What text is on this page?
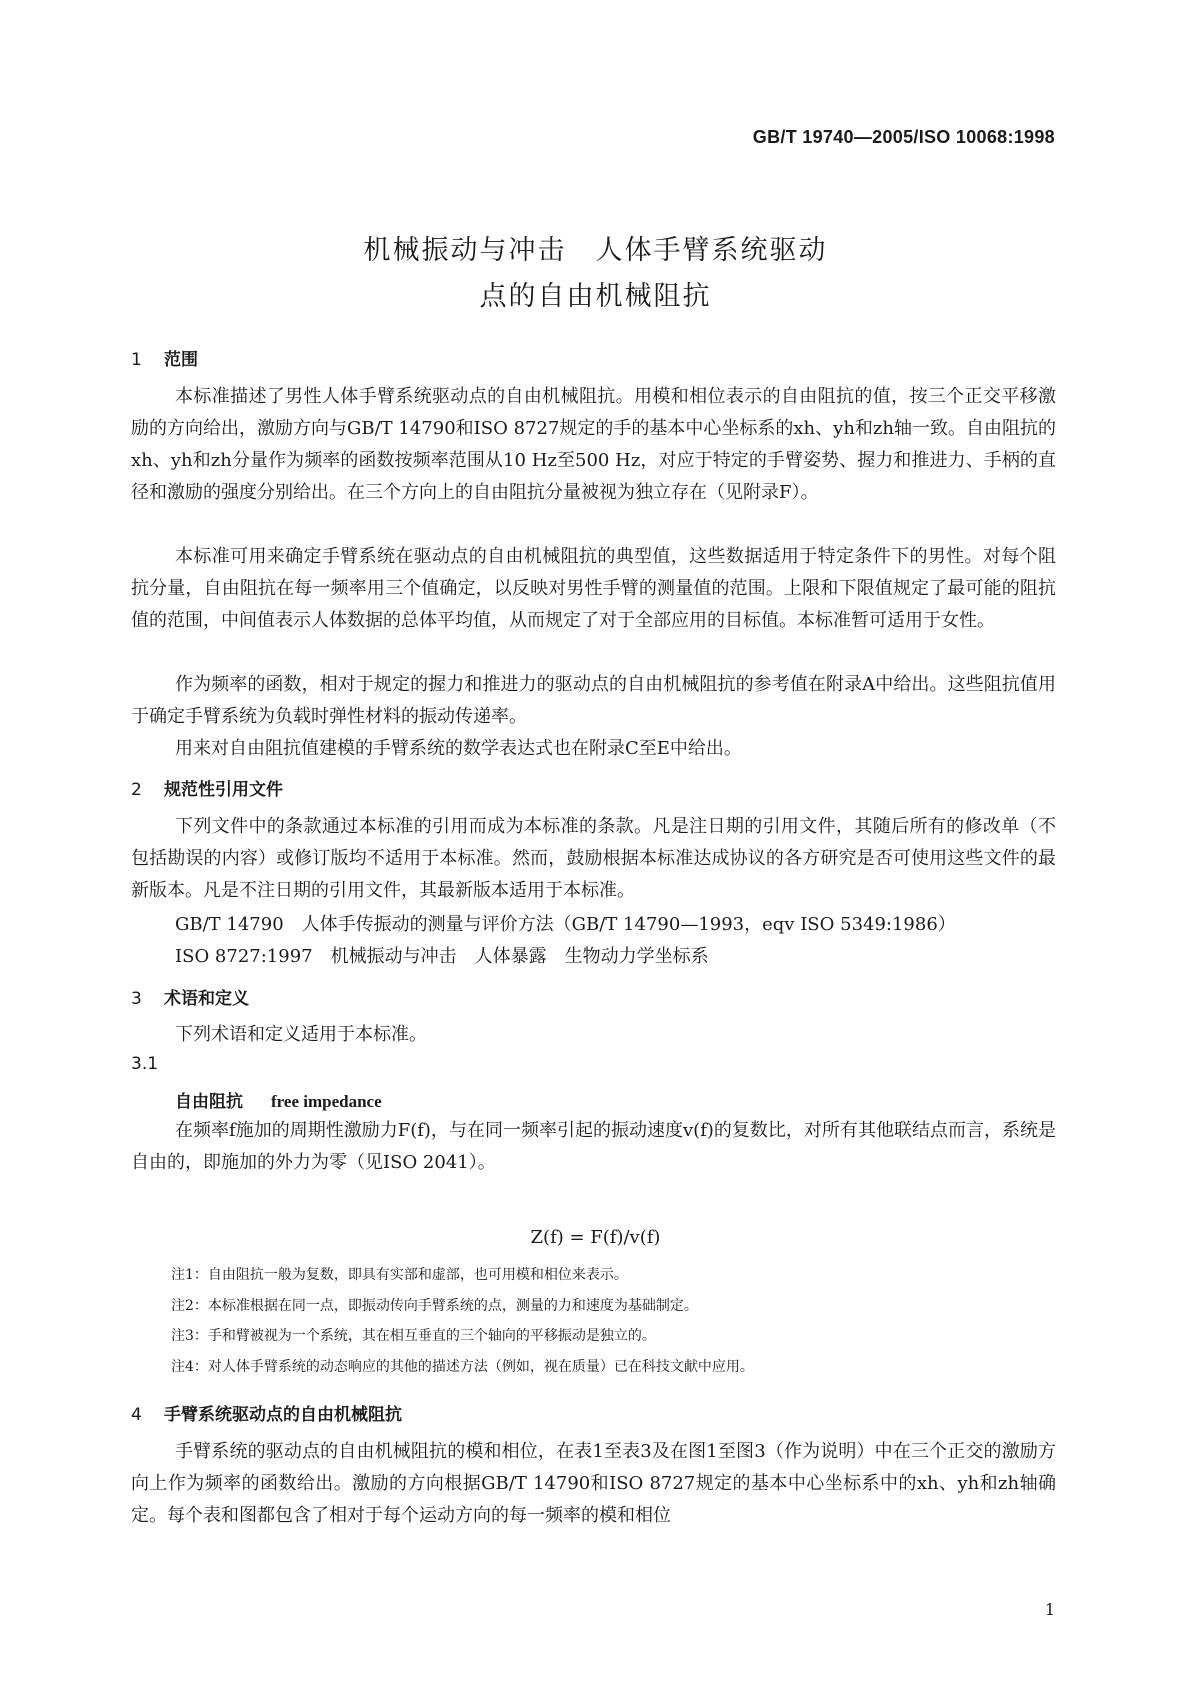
GB/T 19740—2005/ISO 10068:1998
机械振动与冲击　人体手臂系统驱动
点的自由机械阻抗
1 范围
本标准描述了男性人体手臂系统驱动点的自由机械阻抗。用模和相位表示的自由阻抗的值，按三个正交平移激励的方向给出，激励方向与GB/T 14790和ISO 8727规定的手的基本中心坐标系的xh、yh和zh轴一致。自由阻抗的xh、yh和zh分量作为频率的函数按频率范围从10 Hz至500 Hz，对应于特定的手臂姿势、握力和推进力、手柄的直径和激励的强度分别给出。在三个方向上的自由阻抗分量被视为独立存在（见附录F）。
本标准可用来确定手臂系统在驱动点的自由机械阻抗的典型值，这些数据适用于特定条件下的男性。对每个阻抗分量，自由阻抗在每一频率用三个值确定，以反映对男性手臂的测量值的范围。上限和下限值规定了最可能的阻抗值的范围，中间值表示人体数据的总体平均值，从而规定了对于全部应用的目标值。本标准暂可适用于女性。
作为频率的函数，相对于规定的握力和推进力的驱动点的自由机械阻抗的参考值在附录A中给出。这些阻抗值用于确定手臂系统为负载时弹性材料的振动传递率。
用来对自由阻抗值建模的手臂系统的数学表达式也在附录C至E中给出。
2 规范性引用文件
下列文件中的条款通过本标准的引用而成为本标准的条款。凡是注日期的引用文件，其随后所有的修改单（不包括勘误的内容）或修订版均不适用于本标准。然而，鼓励根据本标准达成协议的各方研究是否可使用这些文件的最新版本。凡是不注日期的引用文件，其最新版本适用于本标准。
GB/T 14790　人体手传振动的测量与评价方法（GB/T 14790—1993，eqv ISO 5349:1986）
ISO 8727:1997　机械振动与冲击　人体暴露　生物动力学坐标系
3 术语和定义
下列术语和定义适用于本标准。
3.1
自由阻抗 free impedance
在频率f施加的周期性激励力F(f)，与在同一频率引起的振动速度v(f)的复数比，对所有其他联结点而言，系统是自由的，即施加的外力为零（见ISO 2041）。
Z(f) = F(f)/v(f)
注1：自由阻抗一般为复数，即具有实部和虚部，也可用模和相位来表示。
注2：本标准根据在同一点，即振动传向手臂系统的点，测量的力和速度为基础制定。
注3：手和臂被视为一个系统，其在相互垂直的三个轴向的平移振动是独立的。
注4：对人体手臂系统的动态响应的其他的描述方法（例如，视在质量）已在科技文献中应用。
4 手臂系统驱动点的自由机械阻抗
手臂系统的驱动点的自由机械阻抗的模和相位，在表1至表3及在图1至图3（作为说明）中在三个正交的激励方向上作为频率的函数给出。激励的方向根据GB/T 14790和ISO 8727规定的基本中心坐标系中的xh、yh和zh轴确定。每个表和图都包含了相对于每个运动方向的每一频率的模和相位
1
